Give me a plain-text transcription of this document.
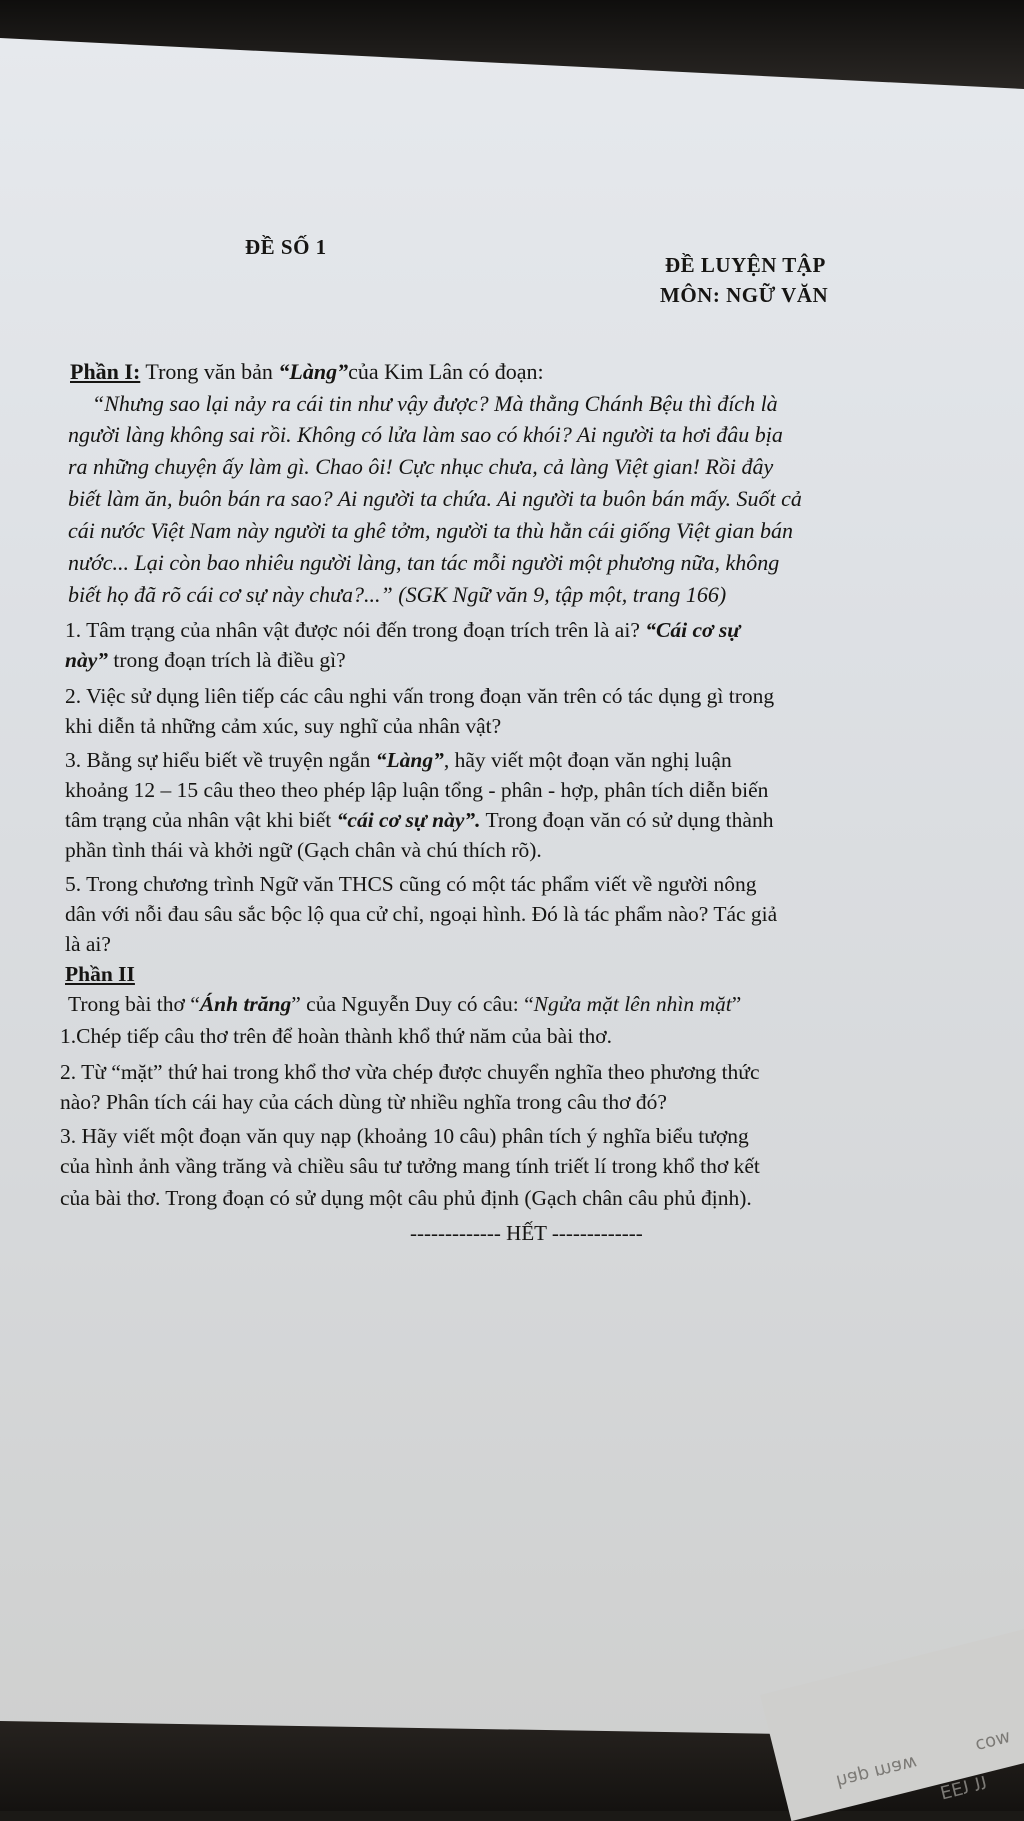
woɔ
ʍɐɯ dɐɥ ƖƖ ƖƎƎ
ĐỀ SỐ 1
ĐỀ LUYỆN TẬP
MÔN: NGỮ VĂN
Phần I: Trong văn bản “Làng”của Kim Lân có đoạn:
“Nhưng sao lại nảy ra cái tin như vậy được? Mà thằng Chánh Bệu thì đích là
người làng không sai rồi. Không có lửa làm sao có khói? Ai người ta hơi đâu bịa
ra những chuyện ấy làm gì. Chao ôi! Cực nhục chưa, cả làng Việt gian! Rồi đây
biết làm ăn, buôn bán ra sao? Ai người ta chứa. Ai người ta buôn bán mấy. Suốt cả
cái nước Việt Nam này người ta ghê tởm, người ta thù hằn cái giống Việt gian bán
nước... Lại còn bao nhiêu người làng, tan tác mỗi người một phương nữa, không
biết họ đã rõ cái cơ sự này chưa?...” (SGK Ngữ văn 9, tập một, trang 166)
1. Tâm trạng của nhân vật được nói đến trong đoạn trích trên là ai? “Cái cơ sự
này” trong đoạn trích là điều gì?
2. Việc sử dụng liên tiếp các câu nghi vấn trong đoạn văn trên có tác dụng gì trong
khi diễn tả những cảm xúc, suy nghĩ của nhân vật?
3. Bằng sự hiểu biết về truyện ngắn “Làng”, hãy viết một đoạn văn nghị luận
khoảng 12 – 15 câu theo theo phép lập luận tổng - phân - hợp, phân tích diễn biến
tâm trạng của nhân vật khi biết “cái cơ sự này”. Trong đoạn văn có sử dụng thành
phần tình thái và khởi ngữ (Gạch chân và chú thích rõ).
5. Trong chương trình Ngữ văn THCS cũng có một tác phẩm viết về người nông
dân với nỗi đau sâu sắc bộc lộ qua cử chỉ, ngoại hình. Đó là tác phẩm nào? Tác giả
là ai?
Phần II
Trong bài thơ “Ánh trăng” của Nguyễn Duy có câu: “Ngửa mặt lên nhìn mặt”
1.Chép tiếp câu thơ trên để hoàn thành khổ thứ năm của bài thơ.
2. Từ “mặt” thứ hai trong khổ thơ vừa chép được chuyển nghĩa theo phương thức
nào? Phân tích cái hay của cách dùng từ nhiều nghĩa trong câu thơ đó?
3. Hãy viết một đoạn văn quy nạp (khoảng 10 câu) phân tích ý nghĩa biểu tượng
của hình ảnh vầng trăng và chiều sâu tư tưởng mang tính triết lí trong khổ thơ kết
của bài thơ. Trong đoạn có sử dụng một câu phủ định (Gạch chân câu phủ định).
------------- HẾT -------------
